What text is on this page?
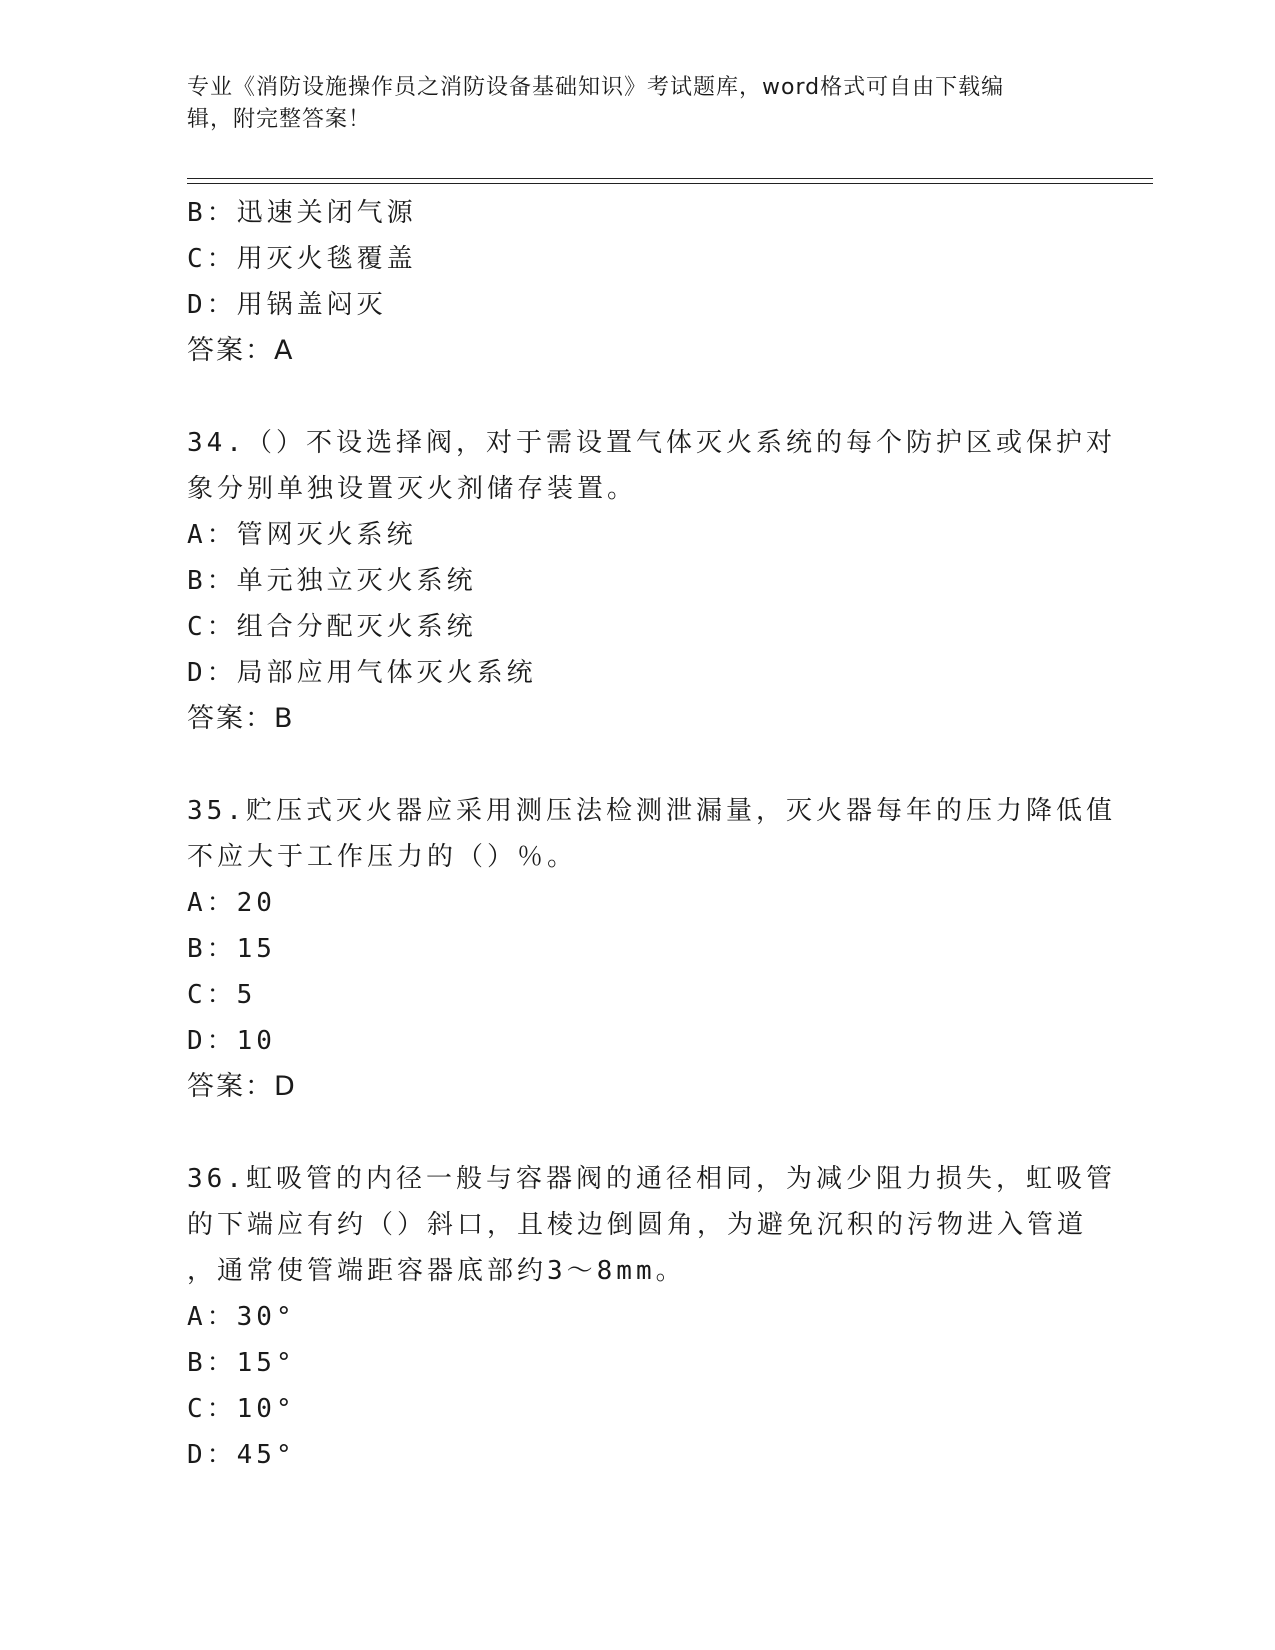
专业《消防设施操作员之消防设备基础知识》考试题库，word格式可自由下载编
辑，附完整答案！
B：迅速关闭气源
C：用灭火毯覆盖
D：用锅盖闷灭
答案：A
34.（）不设选择阀，对于需设置气体灭火系统的每个防护区或保护对
象分别单独设置灭火剂储存装置。
A：管网灭火系统
B：单元独立灭火系统
C：组合分配灭火系统
D：局部应用气体灭火系统
答案：B
35.贮压式灭火器应采用测压法检测泄漏量，灭火器每年的压力降低值
不应大于工作压力的（）％。
A：20
B：15
C：5
D：10
答案：D
36.虹吸管的内径一般与容器阀的通径相同，为减少阻力损失，虹吸管
的下端应有约（）斜口，且棱边倒圆角，为避免沉积的污物进入管道
，通常使管端距容器底部约3～8mm。
A：30°
B：15°
C：10°
D：45°
